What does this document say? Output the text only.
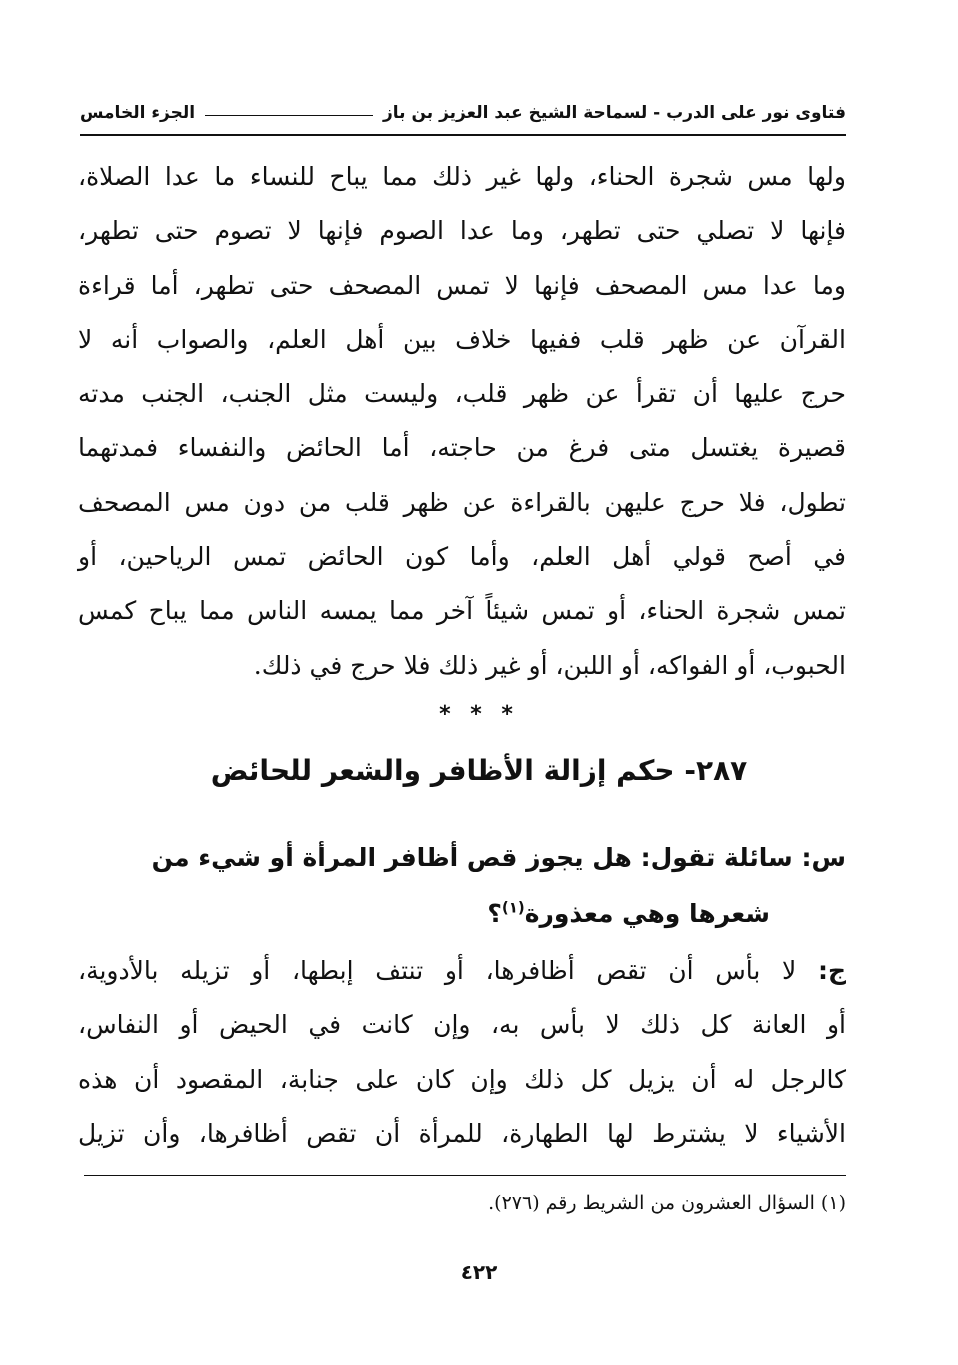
فتاوى نور على الدرب - لسماحة الشيخ عبد العزيز بن باز
الجزء الخامس
ولها مس شجرة الحناء، ولها غير ذلك مما يباح للنساء ما عدا الصلاة،
فإنها لا تصلي حتى تطهر، وما عدا الصوم فإنها لا تصوم حتى تطهر،
وما عدا مس المصحف فإنها لا تمس المصحف حتى تطهر، أما قراءة
القرآن عن ظهر قلب ففيها خلاف بين أهل العلم، والصواب أنه لا
حرج عليها أن تقرأ عن ظهر قلب، وليست مثل الجنب، الجنب مدته
قصيرة يغتسل متى فرغ من حاجته، أما الحائض والنفساء فمدتهما
تطول، فلا حرج عليهن بالقراءة عن ظهر قلب من دون مس المصحف
في أصح قولي أهل العلم، وأما كون الحائض تمس الرياحين، أو
تمس شجرة الحناء، أو تمس شيئاً آخر مما يمسه الناس مما يباح كمس
الحبوب، أو الفواكه، أو اللبن، أو غير ذلك فلا حرج في ذلك.
* * *
٢٨٧- حكم إزالة الأظافر والشعر للحائض
س: سائلة تقول: هل يجوز قص أظافر المرأة أو شيء من
شعرها وهي معذورة$^{(١)}$؟
ج: لا بأس أن تقص أظافرها، أو تنتف إبطها، أو تزيله بالأدوية،
أو العانة كل ذلك لا بأس به، وإن كانت في الحيض أو النفاس،
كالرجل له أن يزيل كل ذلك وإن كان على جنابة، المقصود أن هذه
الأشياء لا يشترط لها الطهارة، للمرأة أن تقص أظافرها، وأن تزيل
(١) السؤال العشرون من الشريط رقم (٢٧٦).
٤٢٢
